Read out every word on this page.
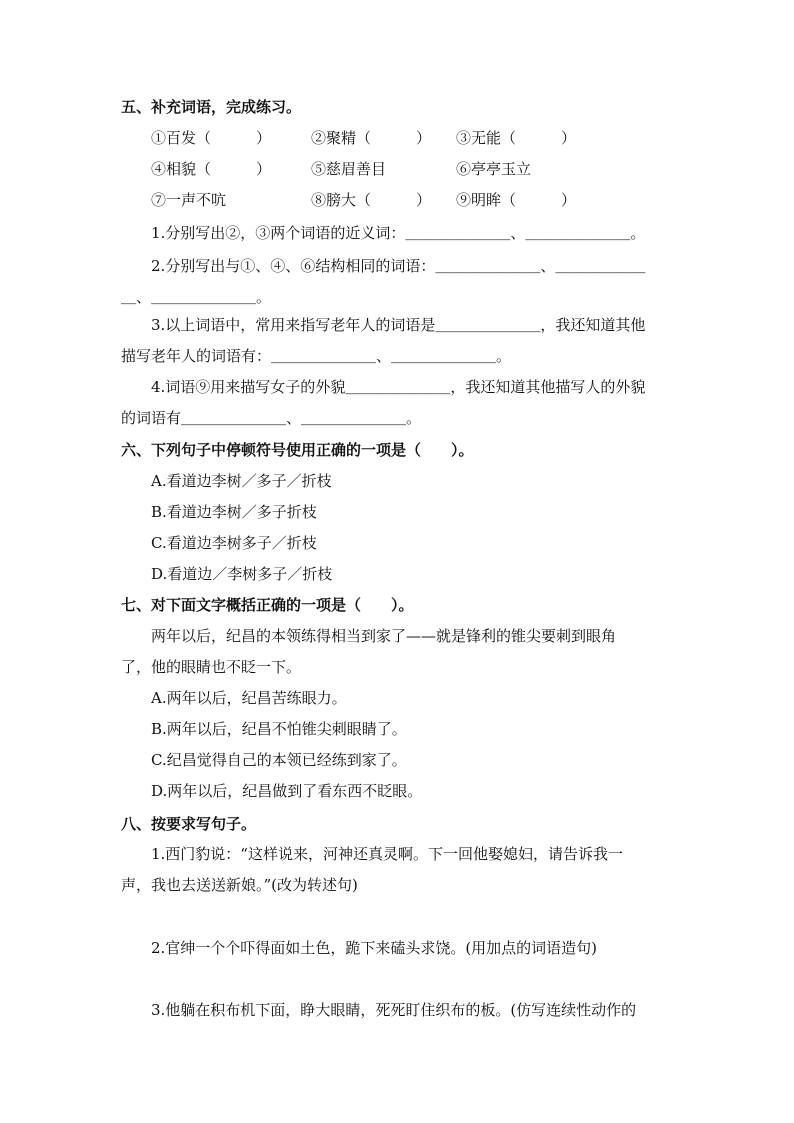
五、补充词语，完成练习。
①百发（　　　）	②聚精（　　　） ③无能（　　　）
④相貌（　　　）	⑤慈眉善目	⑥亭亭玉立
⑦一声不吭	⑧膀大（　　　） ⑨明眸（　　　）
1.分别写出②，③两个词语的近义词：＿＿＿＿＿＿＿、＿＿＿＿＿＿＿。
2.分别写出与①、④、⑥结构相同的词语：＿＿＿＿＿＿＿、＿＿＿＿＿＿
＿、＿＿＿＿＿＿＿。
3.以上词语中，常用来指写老年人的词语是＿＿＿＿＿＿＿，我还知道其他
描写老年人的词语有：＿＿＿＿＿＿＿、＿＿＿＿＿＿＿。
4.词语⑨用来描写女子的外貌＿＿＿＿＿＿＿，我还知道其他描写人的外貌
的词语有＿＿＿＿＿＿＿、＿＿＿＿＿＿＿。
六、下列句子中停顿符号使用正确的一项是（　　）。
A.看道边李树／多子／折枝
B.看道边李树／多子折枝
C.看道边李树多子／折枝
D.看道边／李树多子／折枝
七、对下面文字概括正确的一项是（　　）。
两年以后，纪昌的本领练得相当到家了——就是锋利的锥尖要刺到眼角
了，他的眼睛也不眨一下。
A.两年以后，纪昌苦练眼力。
B.两年以后，纪昌不怕锥尖刺眼睛了。
C.纪昌觉得自己的本领已经练到家了。
D.两年以后，纪昌做到了看东西不眨眼。
八、按要求写句子。
1.西门豹说：“这样说来，河神还真灵啊。下一回他娶媳妇，请告诉我一
声，我也去送送新娘。”(改为转述句)
2.官绅一个个吓得面如土色，跪下来磕头求饶。(用加点的词语造句)
3.他躺在积布机下面，睁大眼睛，死死盯住织布的板。(仿写连续性动作的
